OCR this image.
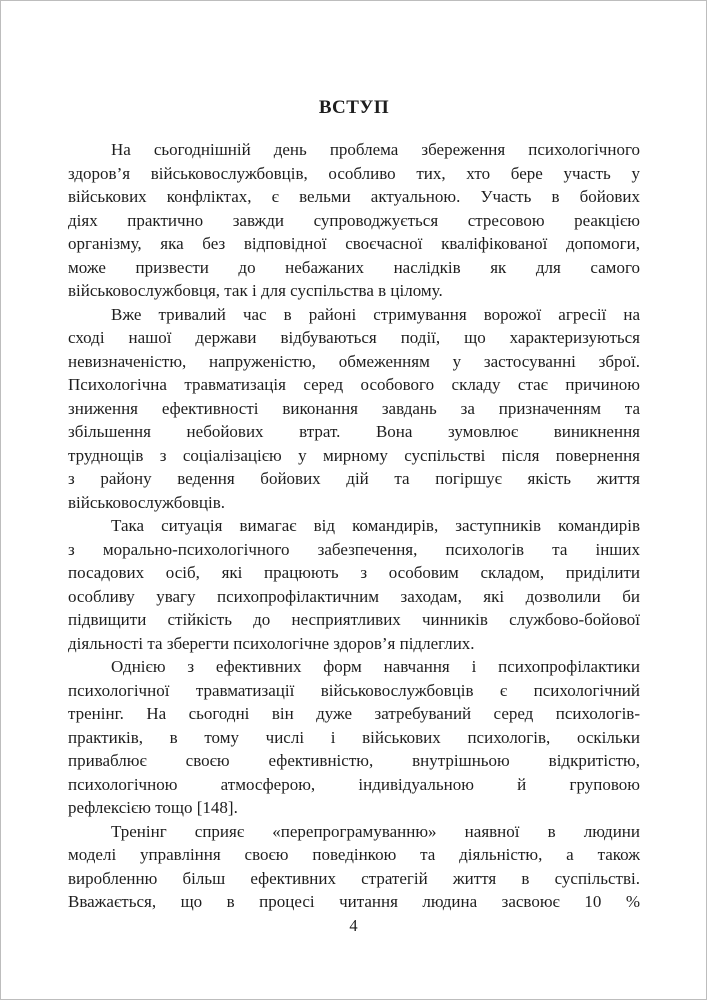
ВСТУП
На сьогоднішній день проблема збереження психологічного
здоров’я військовослужбовців, особливо тих, хто бере участь у
військових конфліктах, є вельми актуальною. Участь в бойових
діях практично завжди супроводжується стресовою реакцією
організму, яка без відповідної своєчасної кваліфікованої допомоги,
може призвести до небажаних наслідків як для самого
військовослужбовця, так і для суспільства в цілому.
Вже тривалий час в районі стримування ворожої агресії на
сході нашої держави відбуваються події, що характеризуються
невизначеністю, напруженістю, обмеженням у застосуванні зброї.
Психологічна травматизація серед особового складу стає причиною
зниження ефективності виконання завдань за призначенням та
збільшення небойових втрат. Вона зумовлює виникнення
труднощів з соціалізацією у мирному суспільстві після повернення
з району ведення бойових дій та погіршує якість життя
військовослужбовців.
Така ситуація вимагає від командирів, заступників командирів
з морально-психологічного забезпечення, психологів та інших
посадових осіб, які працюють з особовим складом, приділити
особливу увагу психопрофілактичним заходам, які дозволили би
підвищити стійкість до несприятливих чинників службово-бойової
діяльності та зберегти психологічне здоров’я підлеглих.
Однією з ефективних форм навчання і психопрофілактики
психологічної травматизації військовослужбовців є психологічний
тренінг. На сьогодні він дуже затребуваний серед психологів-
практиків, в тому числі і військових психологів, оскільки
приваблює своєю ефективністю, внутрішньою відкритістю,
психологічною атмосферою, індивідуальною й груповою
рефлексією тощо [148].
Тренінг сприяє «перепрограмуванню» наявної в людини
моделі управління своєю поведінкою та діяльністю, а також
виробленню більш ефективних стратегій життя в суспільстві.
Вважається, що в процесі читання людина засвоює 10 %
4
